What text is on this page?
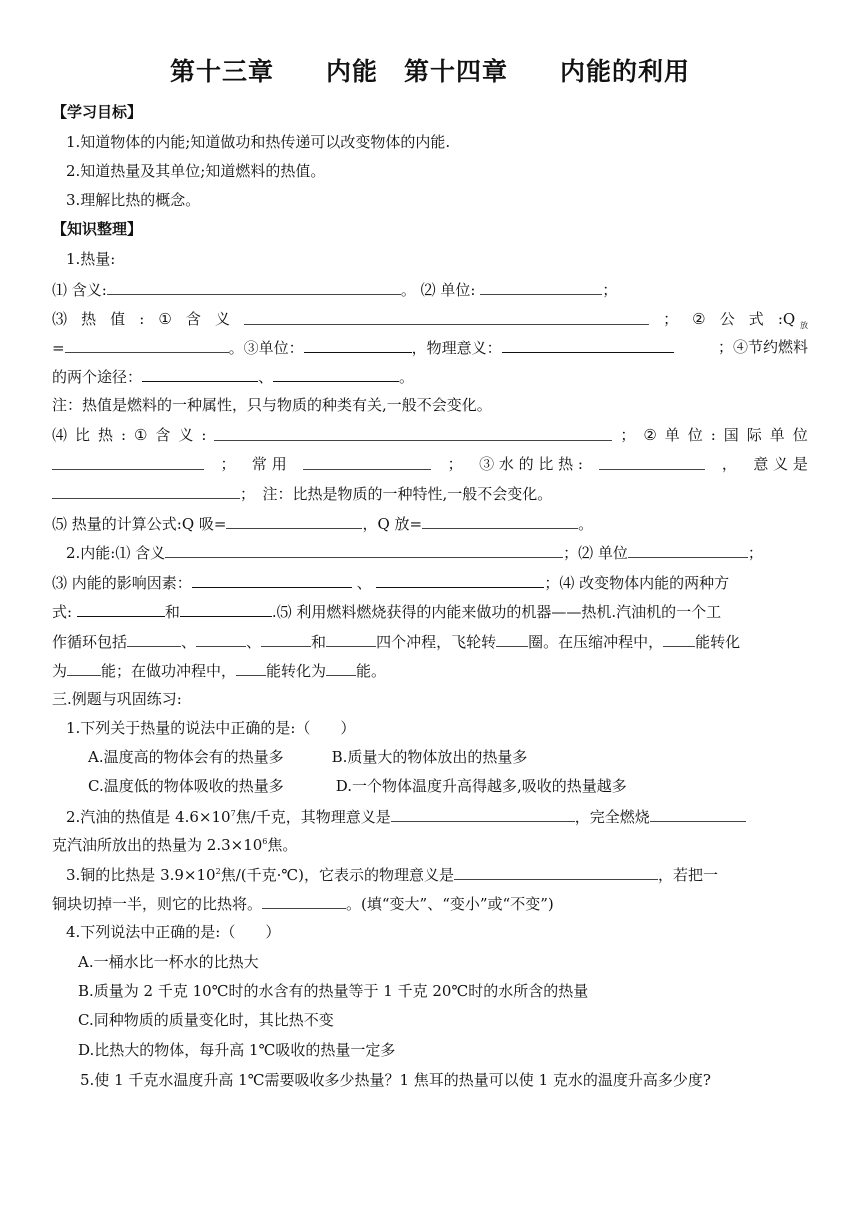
第十三章　　内能　第十四章　　内能的利用
【学习目标】
1.知道物体的内能;知道做功和热传递可以改变物体的内能.
2.知道热量及其单位;知道燃料的热值。
3.理解比热的概念。
【知识整理】
1.热量:
⑴ 含义:	。 ⑵ 单位:	；
⑶ 热 值 : ① 含 义	； ② 公 式 :Q $_放$
=	。③单位：	，物理意义：	；④节约燃料
的两个途径：	、	。
注：热值是燃料的一种属性，只与物质的种类有关,一般不会变化。
⑷ 比 热 : ① 含 义 :	； ② 单 位 : 国 际 单 位
； 常 用	； ③ 水 的 比 热 :	， 意 义 是
；　 注：比热是物质的一种特性,一般不会变化。
⑸ 热量的计算公式:Q 吸=	，Q 放=	。
2.内能:⑴ 含义	；⑵ 单位	；
⑶ 内能的影响因素：	、	；⑷ 改变物体内能的两种方
式:	和	.⑸ 利用燃料燃烧获得的内能来做功的机器——热机.汽油机的一个工
作循环包括	、	、	和	四个冲程，飞轮转 圈。在压缩冲程中， 能转化
为 能；在做功冲程中， 能转化为 能。
三.例题与巩固练习:
1.下列关于热量的说法中正确的是:（　　）
A.温度高的物体会有的热量多	B.质量大的物体放出的热量多
C.温度低的物体吸收的热量多	D.一个物体温度升高得越多,吸收的热量越多
2.汽油的热值是 $4.6\times 10^7$焦/千克，其物理意义是	，完全燃烧
克汽油所放出的热量为 $2.3\times 10^6$焦。
3.铜的比热是 $3.9\times 10^2$焦/(千克·℃)，它表示的物理意义是	，若把一
铜块切掉一半，则它的比热将。	。(填“变大”、“变小”或“不变”)
4.下列说法中正确的是:（　　）
A.一桶水比一杯水的比热大
B.质量为 2 千克 10℃时的水含有的热量等于 1 千克 20℃时的水所含的热量
C.同种物质的质量变化时，其比热不变
D.比热大的物体，每升高 1℃吸收的热量一定多
5.使 1 千克水温度升高 1℃需要吸收多少热量？1 焦耳的热量可以使 1 克水的温度升高多少度?
